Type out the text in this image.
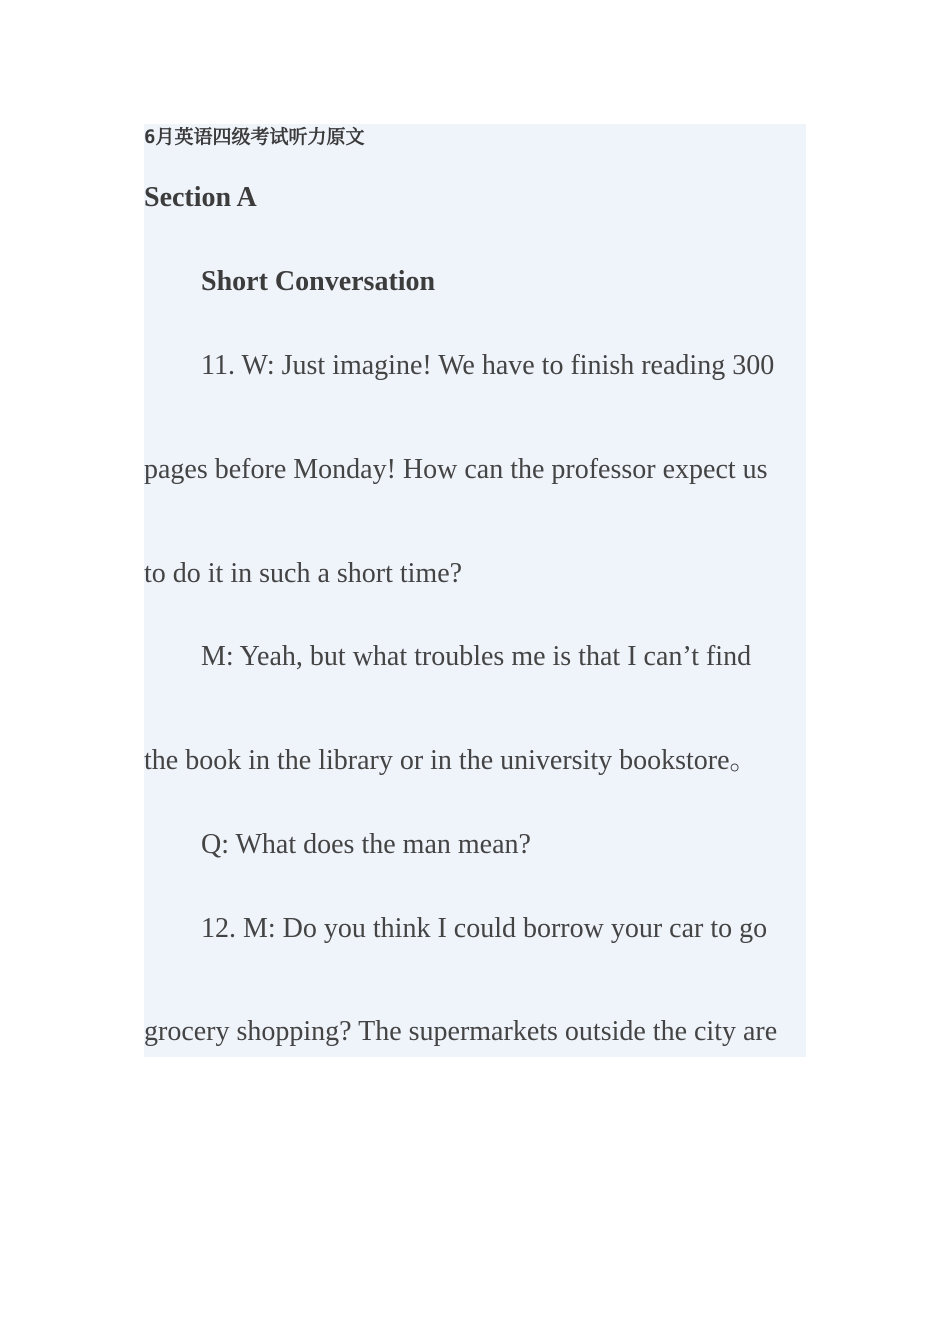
6月英语四级考试听力原文

Section A

Short Conversation

11. W: Just imagine! We have to finish reading 300

pages before Monday! How can the professor expect us

to do it in such a short time?

M: Yeah, but what troubles me is that I can’t find

the book in the library or in the university bookstore。

Q: What does the man mean?

12. M: Do you think I could borrow your car to go

grocery shopping? The supermarkets outside the city are
